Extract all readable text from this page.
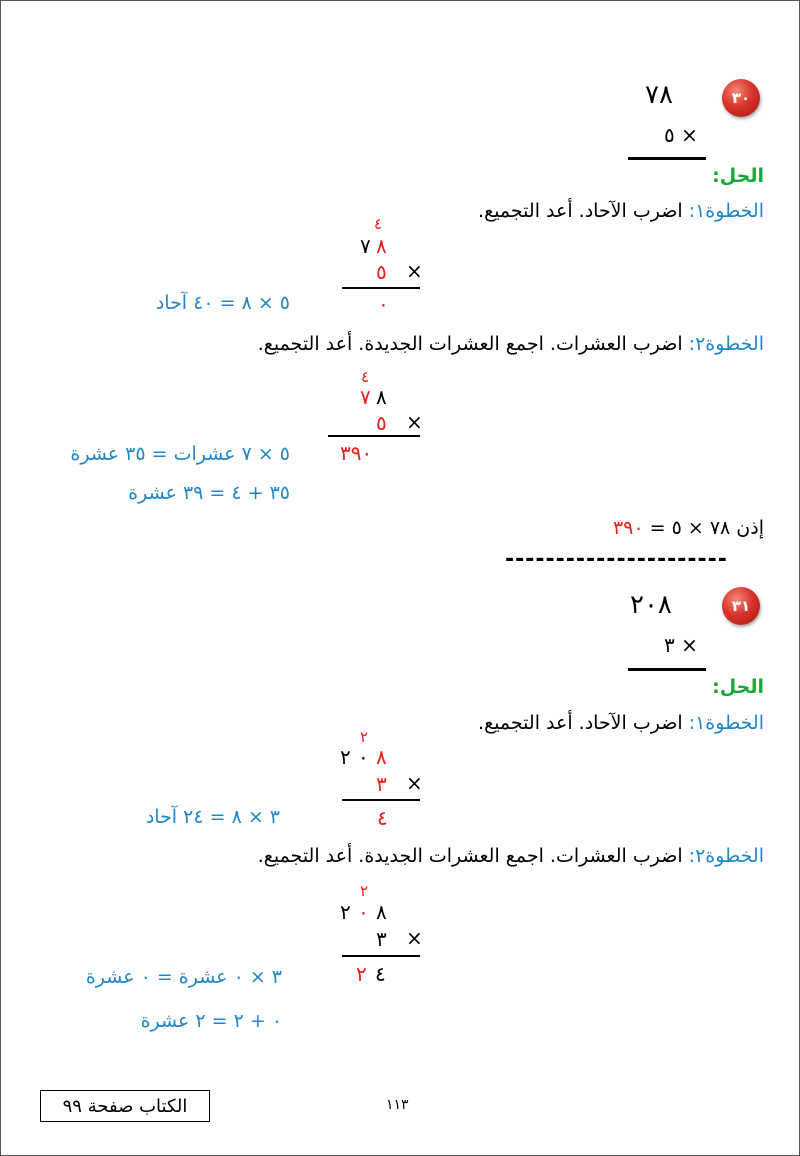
٣٠
٧٨
٥ ×
الحل:
الخطوة١: اضرب الآحاد. أعد التجميع.
٤
٧ ٨
٥ ×
٠
٥ × ٨ = ٤٠ آحاد
الخطوة٢: اضرب العشرات. اجمع العشرات الجديدة. أعد التجميع.
٤
٧ ٨
٥ ×
٣٩٠
٥ × ٧ عشرات = ٣٥ عشرة
٣٥ + ٤ = ٣٩ عشرة
إذن ٧٨ × ٥ = ٣٩٠
----------------------
٣١
٢٠٨
٣ ×
الحل:
الخطوة١: اضرب الآحاد. أعد التجميع.
٢
٢ ٠ ٨
٣ ×
٤
٣ × ٨ = ٢٤ آحاد
الخطوة٢: اضرب العشرات. اجمع العشرات الجديدة. أعد التجميع.
٢
٢ ٠ ٨
٣ ×
٢ ٤
٣ × ٠ عشرة = ٠ عشرة
٠ + ٢ = ٢ عشرة
الكتاب صفحة ٩٩	١١٣
